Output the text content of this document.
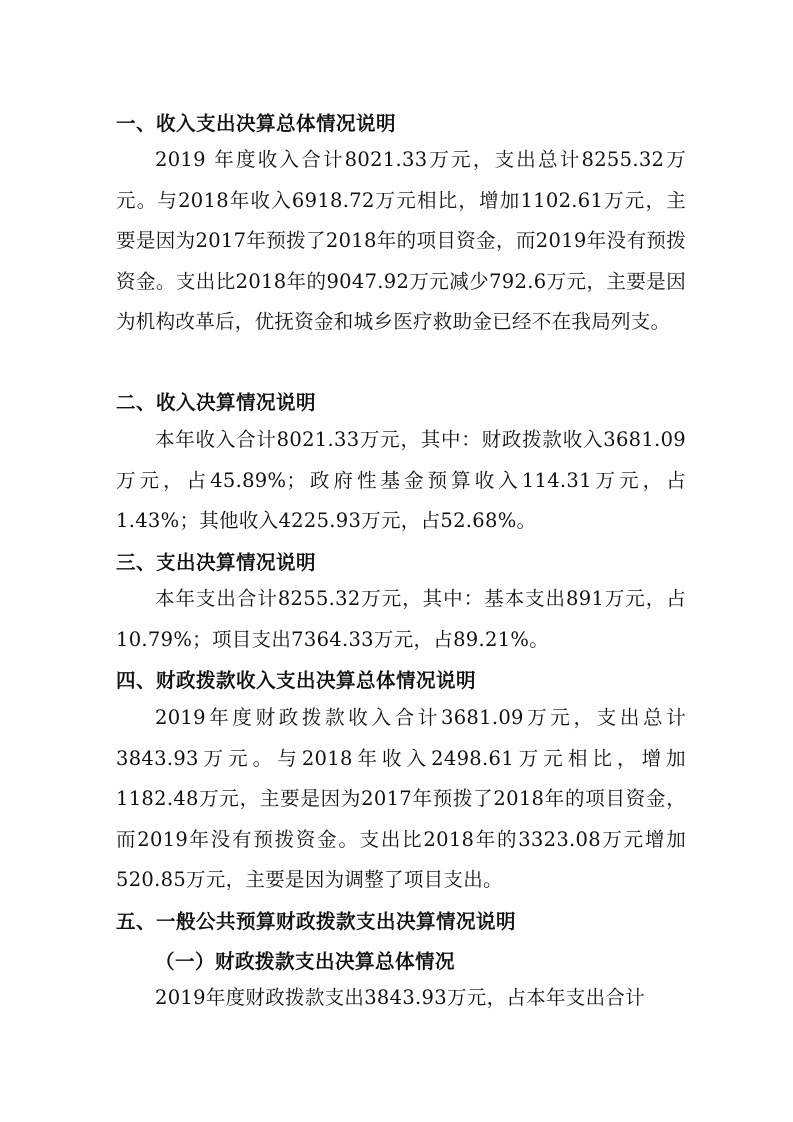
一、收入支出决算总体情况说明
2019 年度收入合计8021.33万元，支出总计8255.32万元。与2018年收入6918.72万元相比，增加1102.61万元，主要是因为2017年预拨了2018年的项目资金，而2019年没有预拨资金。支出比2018年的9047.92万元减少792.6万元，主要是因为机构改革后，优抚资金和城乡医疗救助金已经不在我局列支。
二、收入决算情况说明
本年收入合计8021.33万元，其中：财政拨款收入3681.09万元，占45.89%；政府性基金预算收入114.31万元，占1.43%；其他收入4225.93万元，占52.68%。
三、支出决算情况说明
本年支出合计8255.32万元，其中：基本支出891万元，占10.79%；项目支出7364.33万元，占89.21%。
四、财政拨款收入支出决算总体情况说明
2019年度财政拨款收入合计3681.09万元，支出总计3843.93万元。与2018年收入2498.61万元相比，增加1182.48万元，主要是因为2017年预拨了2018年的项目资金，而2019年没有预拨资金。支出比2018年的3323.08万元增加520.85万元，主要是因为调整了项目支出。
五、一般公共预算财政拨款支出决算情况说明
（一）财政拨款支出决算总体情况
2019年度财政拨款支出3843.93万元，占本年支出合计
